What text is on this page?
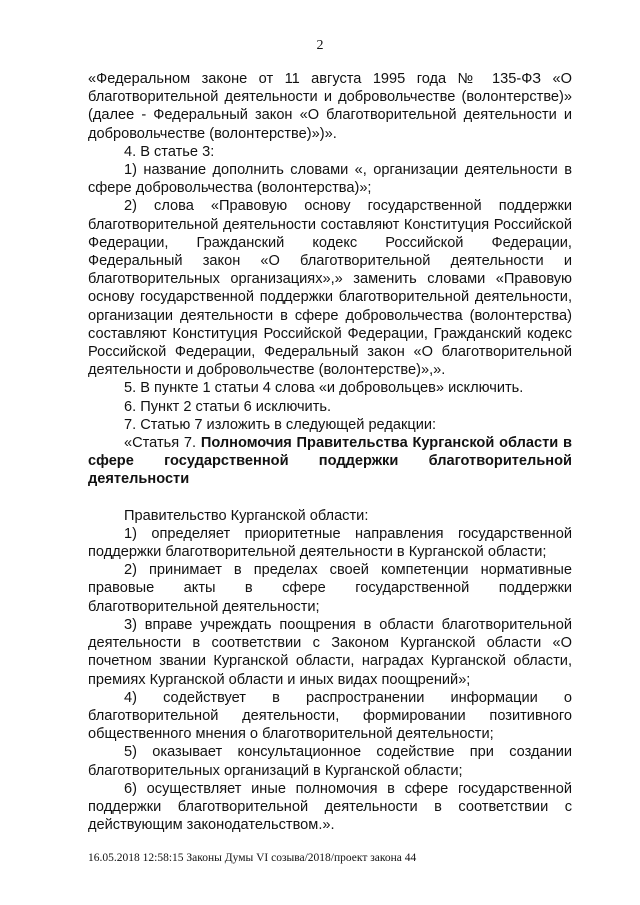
2

«Федеральном законе от 11 августа 1995 года № 135-ФЗ «О благотворительной деятельности и добровольчестве (волонтерстве)» (далее - Федеральный закон «О благотворительной деятельности и добровольчестве (волонтерстве)»)».

4. В статье 3:

1) название дополнить словами «, организации деятельности в сфере добровольчества (волонтерства)»;

2) слова «Правовую основу государственной поддержки благотворительной деятельности составляют Конституция Российской Федерации, Гражданский кодекс Российской Федерации, Федеральный закон «О благотворительной деятельности и благотворительных организациях»,» заменить словами «Правовую основу государственной поддержки благотворительной деятельности, организации деятельности в сфере добровольчества (волонтерства) составляют Конституция Российской Федерации, Гражданский кодекс Российской Федерации, Федеральный закон «О благотворительной деятельности и добровольчестве (волонтерстве)»,».

5. В пункте 1 статьи 4 слова «и добровольцев» исключить.

6. Пункт 2 статьи 6 исключить.

7. Статью 7 изложить в следующей редакции:

«Статья 7. Полномочия Правительства Курганской области в сфере государственной поддержки благотворительной деятельности

Правительство Курганской области:

1) определяет приоритетные направления государственной поддержки благотворительной деятельности в Курганской области;

2) принимает в пределах своей компетенции нормативные правовые акты в сфере государственной поддержки благотворительной деятельности;

3) вправе учреждать поощрения в области благотворительной деятельности в соответствии с Законом Курганской области «О почетном звании Курганской области, наградах Курганской области, премиях Курганской области и иных видах поощрений»;

4) содействует в распространении информации о благотворительной деятельности, формировании позитивного общественного мнения о благотворительной деятельности;

5) оказывает консультационное содействие при создании благотворительных организаций в Курганской области;

6) осуществляет иные полномочия в сфере государственной поддержки благотворительной деятельности в соответствии с действующим законодательством.».

16.05.2018 12:58:15 Законы Думы VI созыва/2018/проект закона 44
